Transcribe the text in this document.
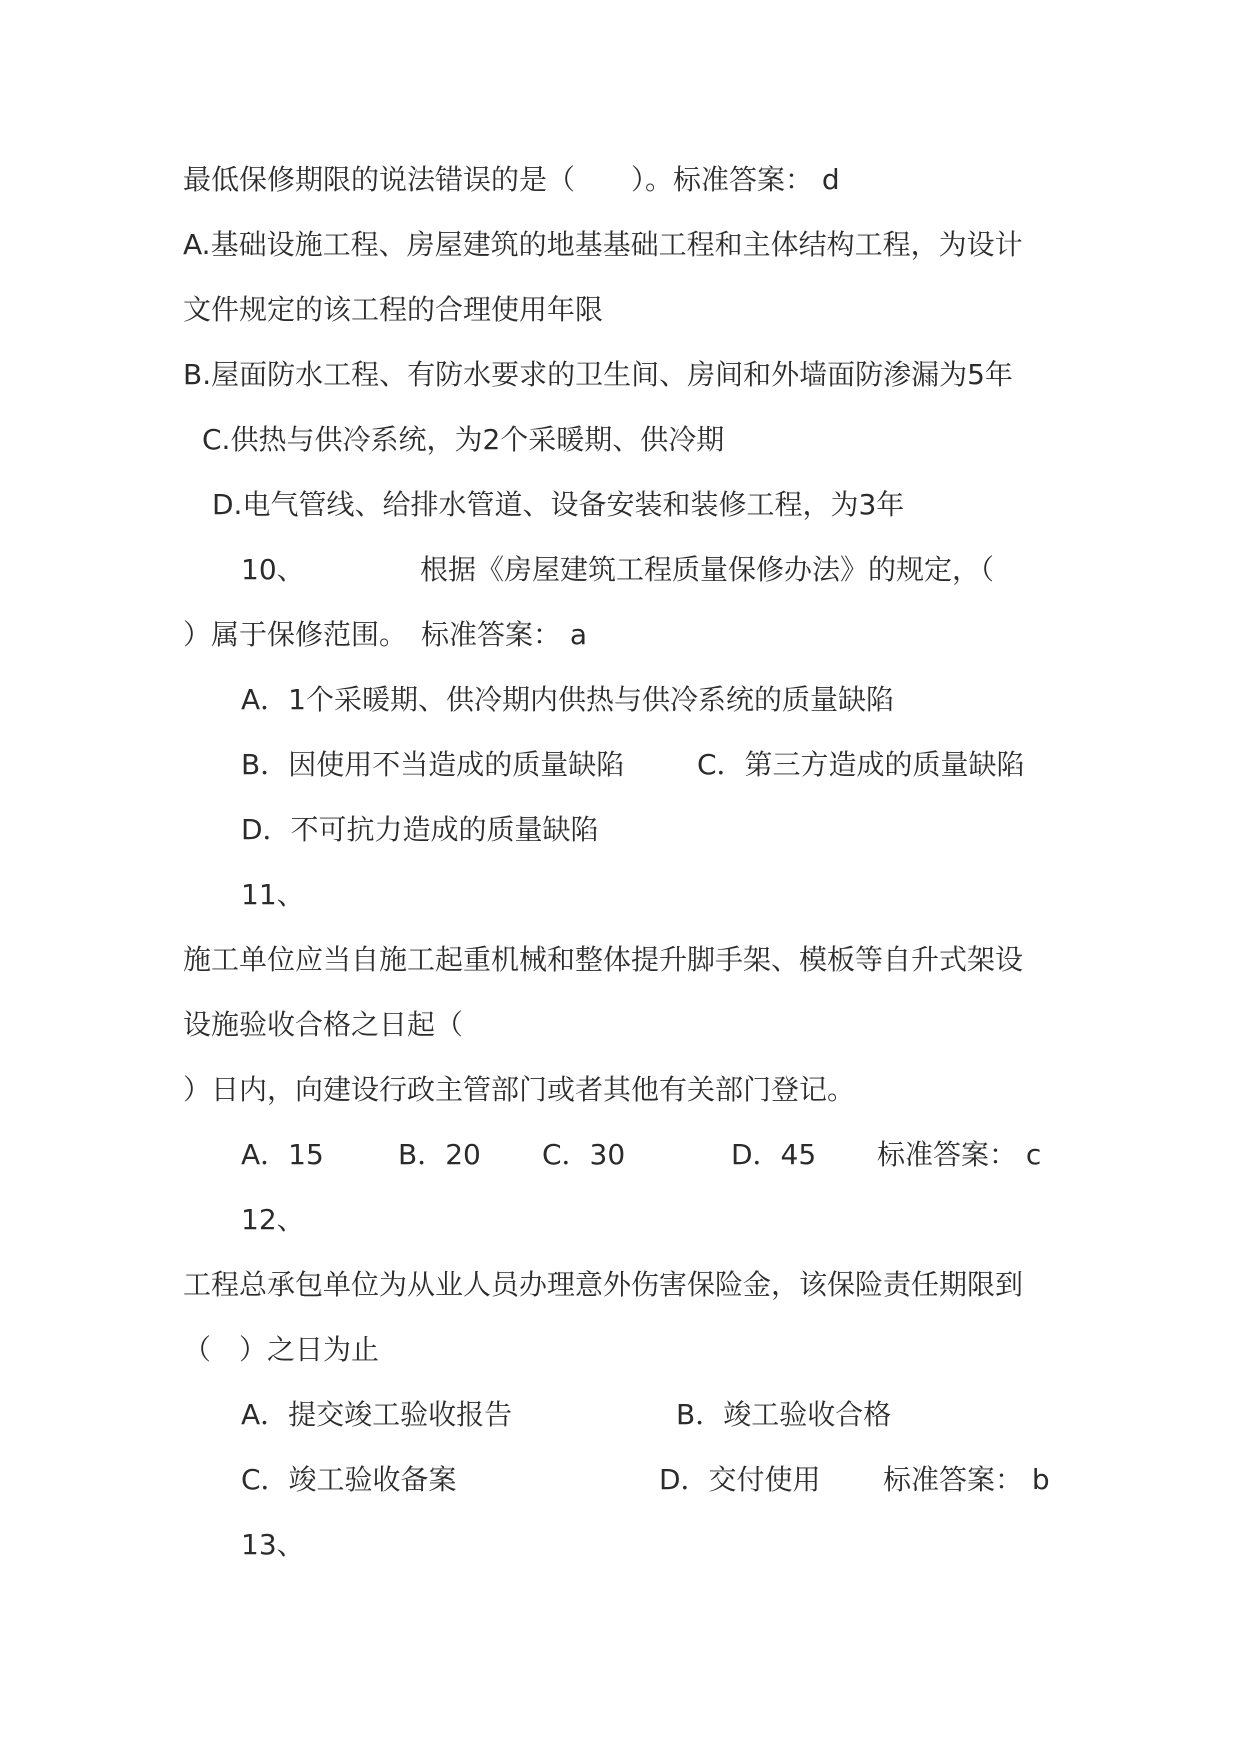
最低保修期限的说法错误的是（　　）。标准答案： d
A.基础设施工程、房屋建筑的地基基础工程和主体结构工程，为设计
文件规定的该工程的合理使用年限
B.屋面防水工程、有防水要求的卫生间、房间和外墙面防渗漏为5年
C.供热与供冷系统，为2个采暖期、供冷期
D.电气管线、给排水管道、设备安装和装修工程，为3年
10、	根据《房屋建筑工程质量保修办法》的规定，（
）属于保修范围。　标准答案： a
A．1个采暖期、供冷期内供热与供冷系统的质量缺陷
B．因使用不当造成的质量缺陷	C．第三方造成的质量缺陷
D．不可抗力造成的质量缺陷
11、
施工单位应当自施工起重机械和整体提升脚手架、模板等自升式架设
设施验收合格之日起（
）日内，向建设行政主管部门或者其他有关部门登记。
A．15	B．20 C．30	D．45 标准答案： c
12、
工程总承包单位为从业人员办理意外伤害保险金，该保险责任期限到
（　）之日为止
A．提交竣工验收报告	B．竣工验收合格
C．竣工验收备案	D．交付使用 标准答案： b
13、
